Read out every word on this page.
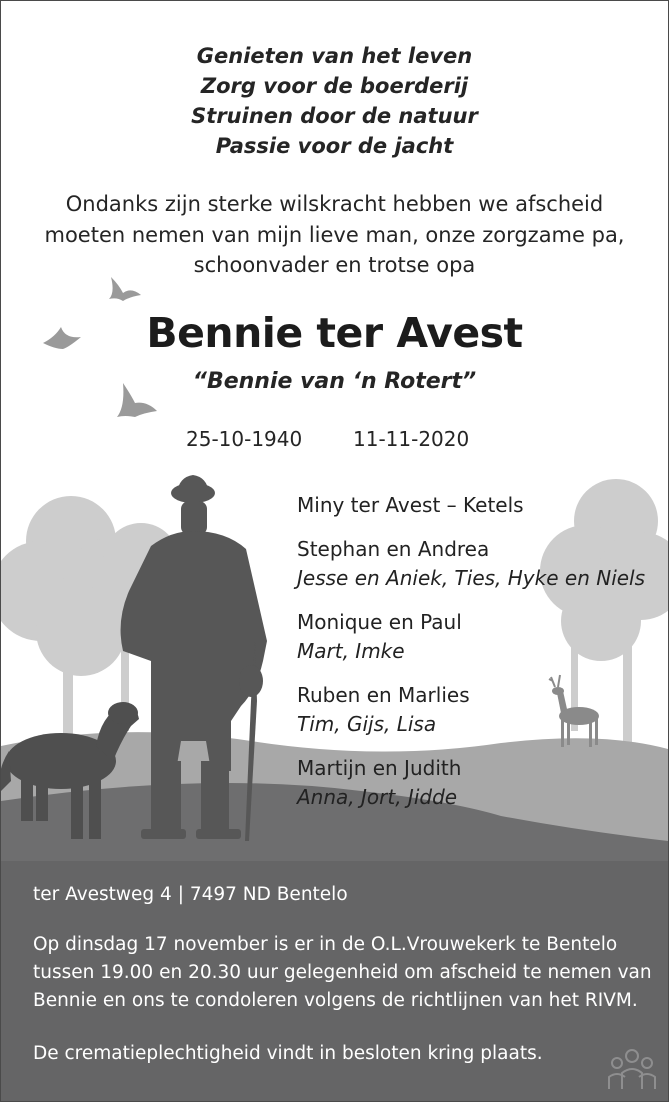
Genieten van het leven
Zorg voor de boerderij
Struinen door de natuur
Passie voor de jacht
Ondanks zijn sterke wilskracht hebben we afscheid
moeten nemen van mijn lieve man, onze zorgzame pa,
schoonvader en trotse opa
Bennie ter Avest
“Bennie van ‘n Rotert”
25-10-1940	11-11-2020
Miny ter Avest – Ketels
Stephan en Andrea
Jesse en Aniek, Ties, Hyke en Niels
Monique en Paul
Mart, Imke
Ruben en Marlies
Tim, Gijs, Lisa
Martijn en Judith
Anna, Jort, Jidde
ter Avestweg 4 | 7497 ND Bentelo
Op dinsdag 17 november is er in de O.L.Vrouwekerk te Bentelo
tussen 19.00 en 20.30 uur gelegenheid om afscheid te nemen van
Bennie en ons te condoleren volgens de richtlijnen van het RIVM.
De crematieplechtigheid vindt in besloten kring plaats.
